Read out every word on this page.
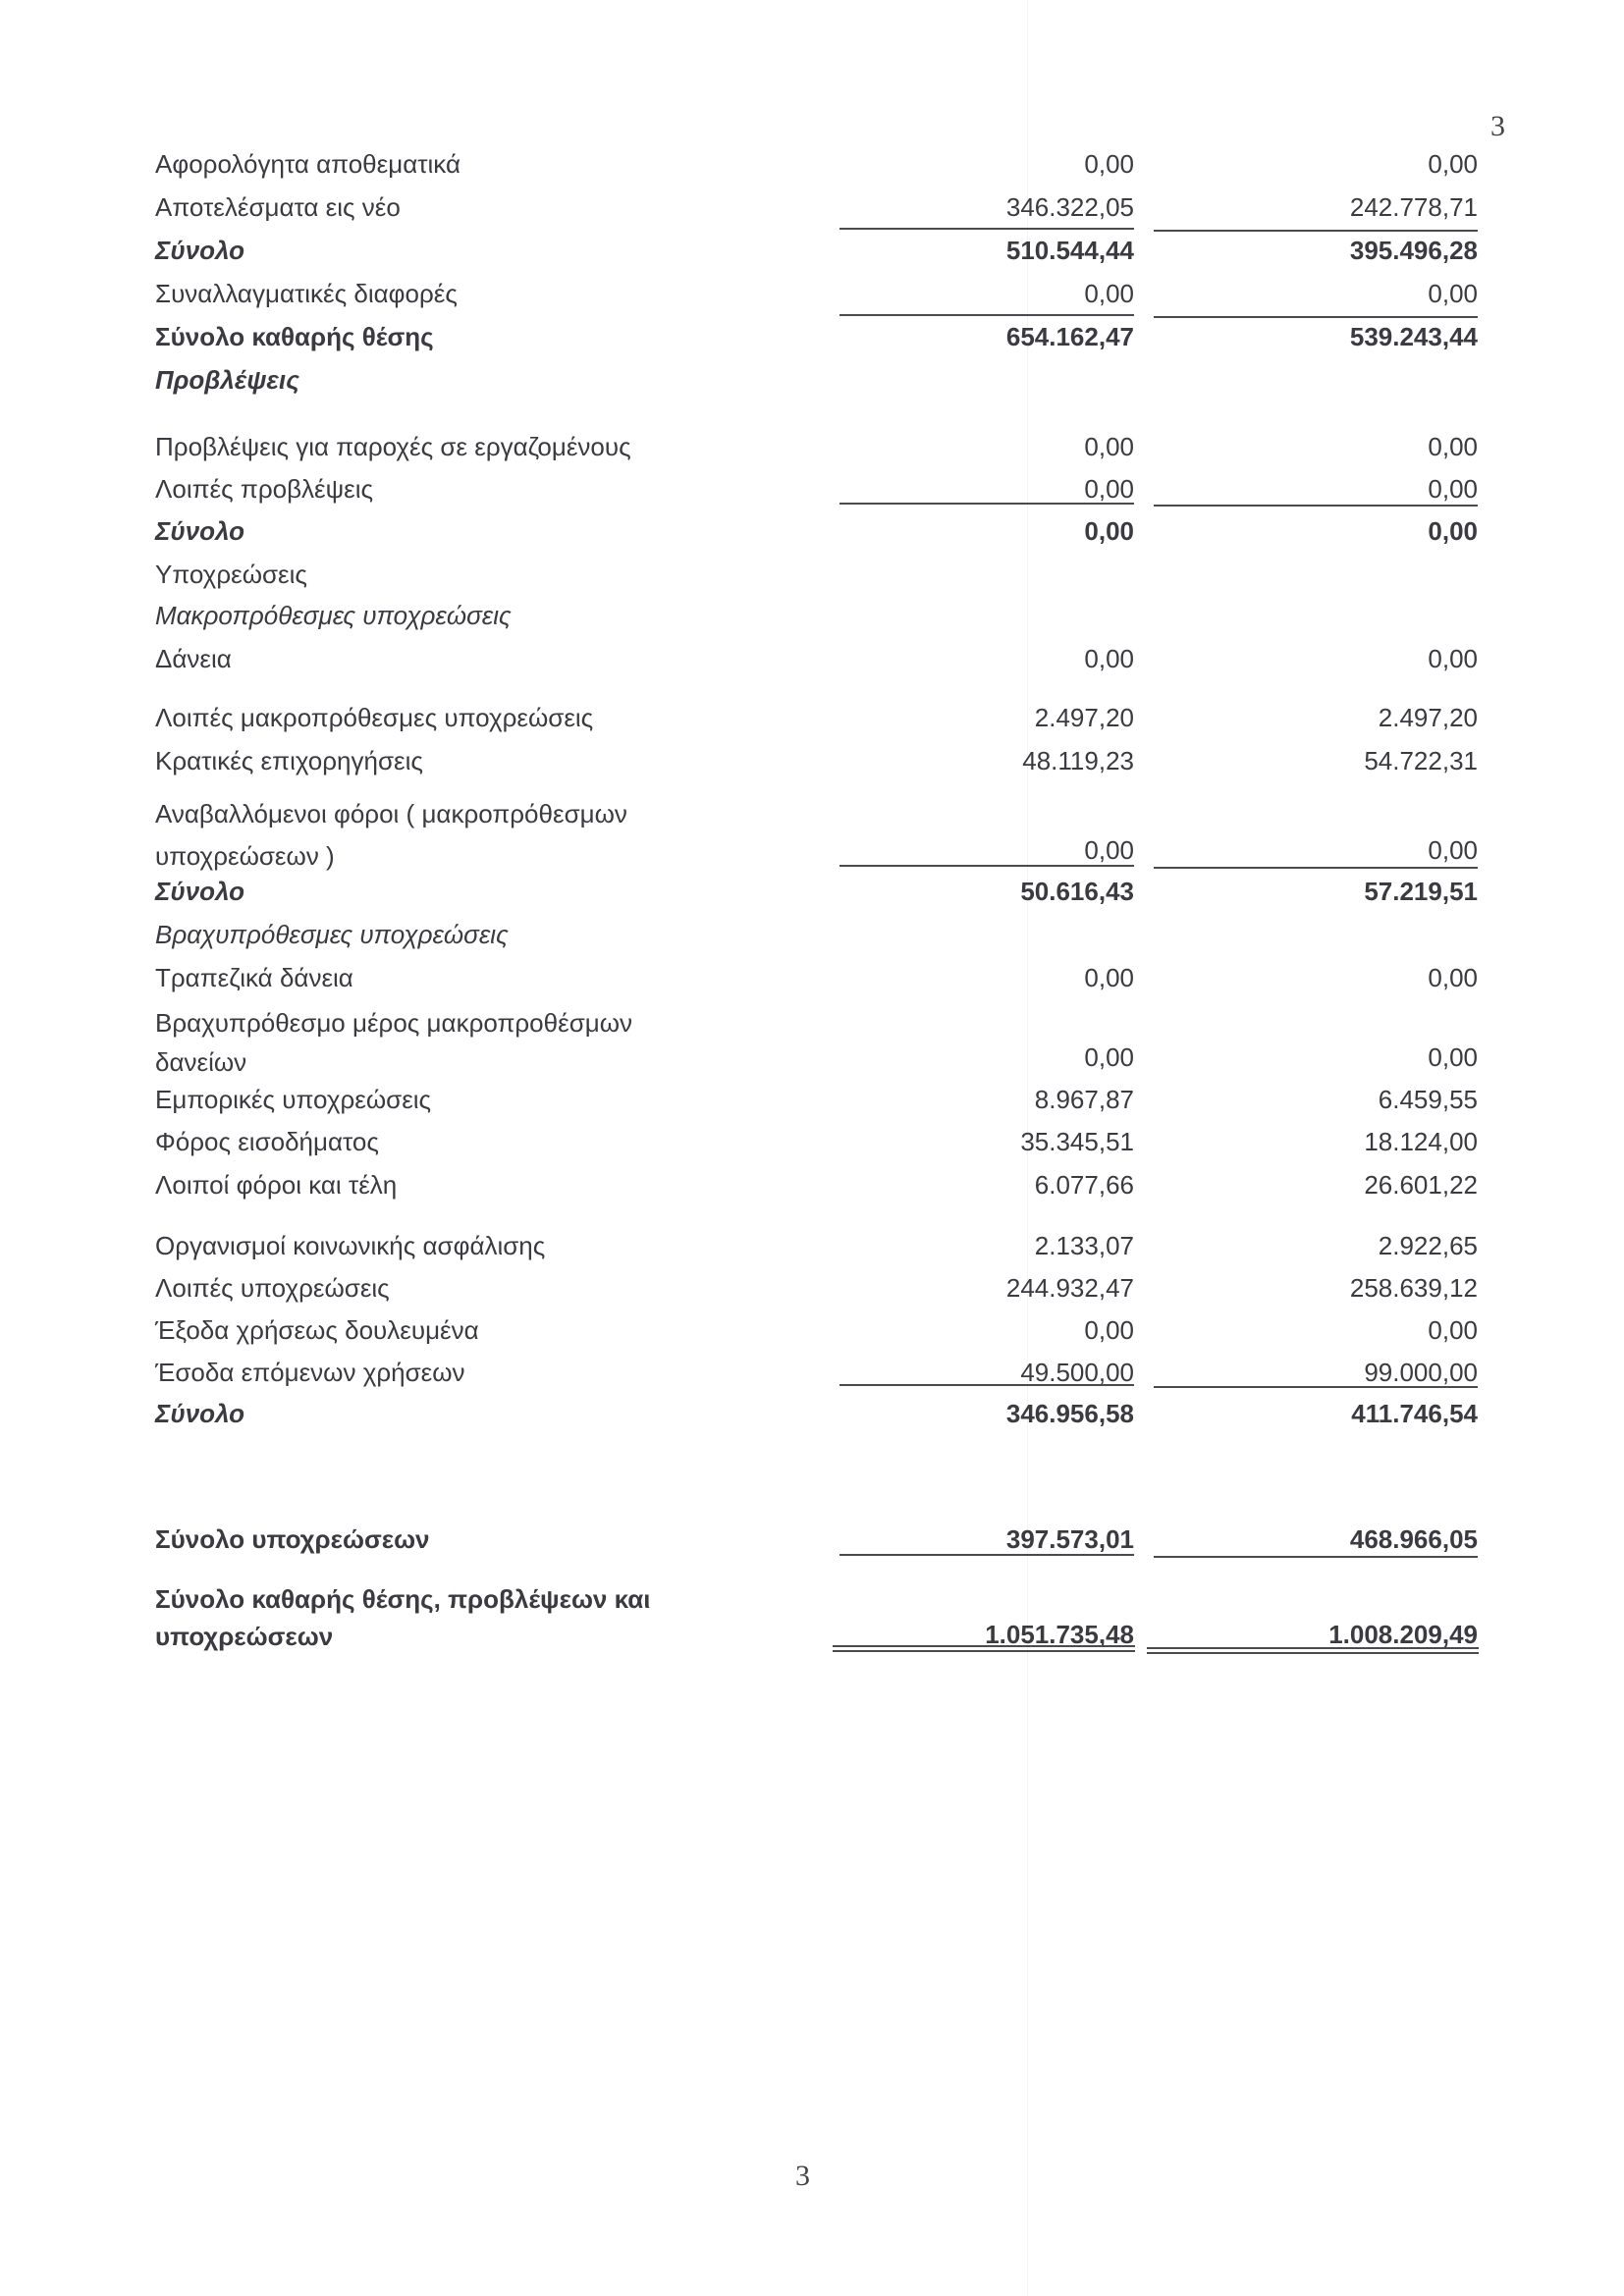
3
Αφορολόγητα αποθεματικά	0,00	0,00
Αποτελέσματα εις νέο	346.322,05	242.778,71
Σύνολο	510.544,44	395.496,28
Συναλλαγματικές διαφορές	0,00	0,00
Σύνολο καθαρής θέσης	654.162,47	539.243,44
Προβλέψεις
Προβλέψεις για παροχές σε εργαζομένους	0,00	0,00
Λοιπές προβλέψεις	0,00	0,00
Σύνολο	0,00	0,00
Υποχρεώσεις
Μακροπρόθεσμες υποχρεώσεις
Δάνεια	0,00	0,00
Λοιπές μακροπρόθεσμες υποχρεώσεις	2.497,20	2.497,20
Κρατικές επιχορηγήσεις	48.119,23	54.722,31
Αναβαλλόμενοι φόροι ( μακροπρόθεσμων υποχρεώσεων )	0,00	0,00
Σύνολο	50.616,43	57.219,51
Βραχυπρόθεσμες υποχρεώσεις
Τραπεζικά δάνεια	0,00	0,00
Βραχυπρόθεσμο μέρος μακροπροθέσμων δανείων	0,00	0,00
Εμπορικές υποχρεώσεις	8.967,87	6.459,55
Φόρος εισοδήματος	35.345,51	18.124,00
Λοιποί φόροι και τέλη	6.077,66	26.601,22
Οργανισμοί κοινωνικής ασφάλισης	2.133,07	2.922,65
Λοιπές υποχρεώσεις	244.932,47	258.639,12
Έξοδα χρήσεως δουλευμένα	0,00	0,00
Έσοδα επόμενων χρήσεων	49.500,00	99.000,00
Σύνολο	346.956,58	411.746,54
Σύνολο υποχρεώσεων	397.573,01	468.966,05
Σύνολο καθαρής θέσης, προβλέψεων και υποχρεώσεων	1.051.735,48	1.008.209,49
3
